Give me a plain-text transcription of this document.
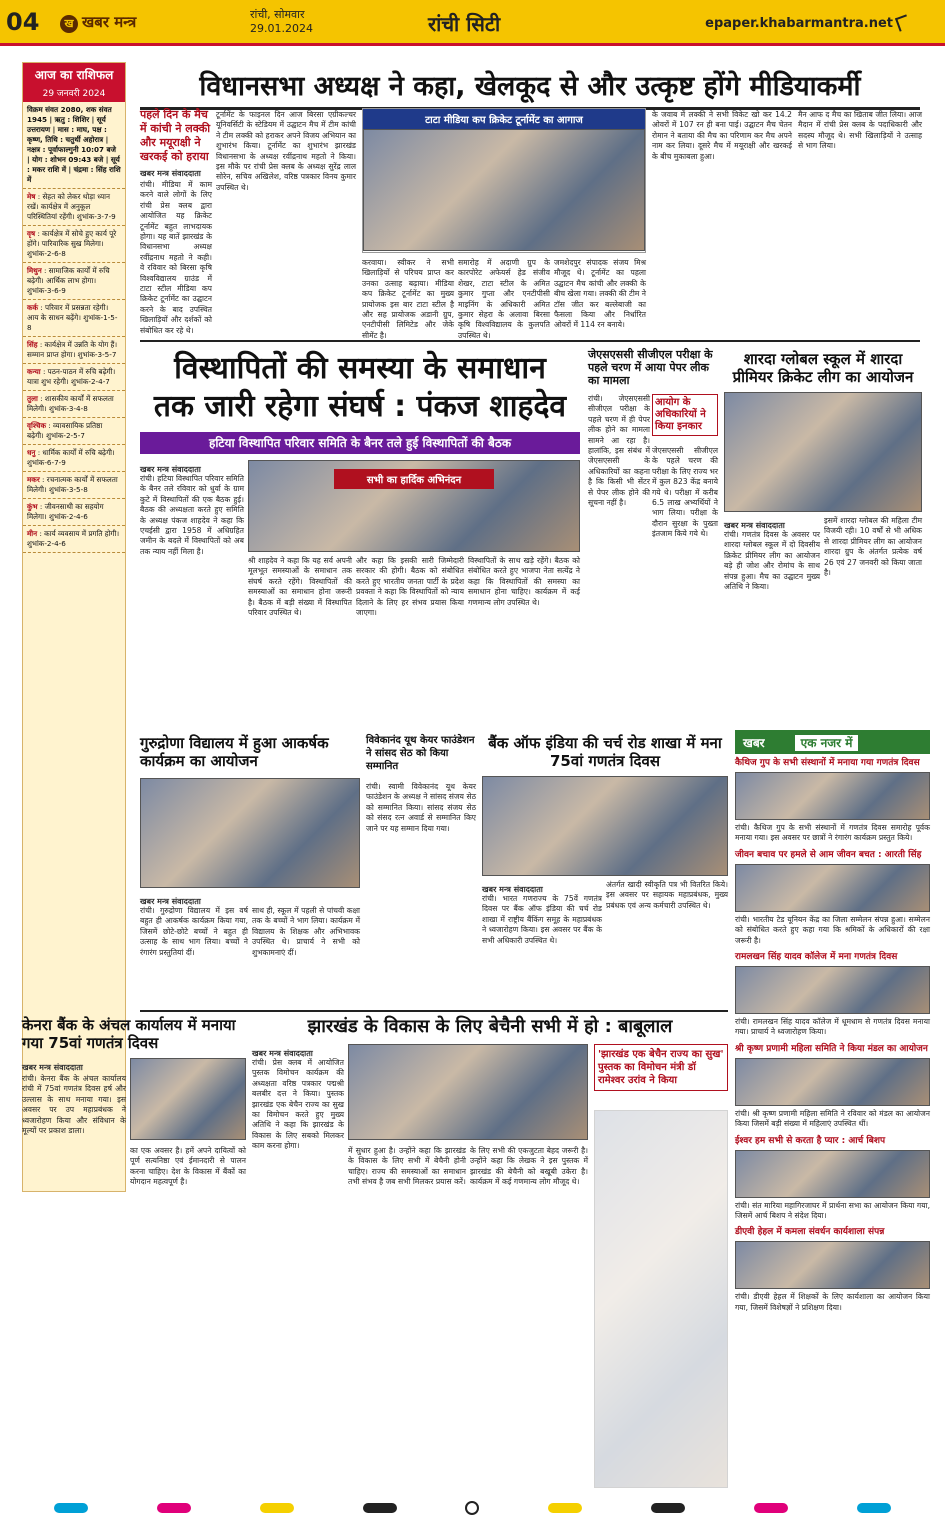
04	ख खबर मन्त्र	रांची, सोमवार
29.01.2024	रांची सिटी	epaper.khabarmantra.net
आज का राशिफल
29 जनवरी 2024
विक्रम संवत 2080, शक संवत 1945 | ऋतु : शिशिर | सूर्य उत्तरायण | मास : माघ, पक्ष : कृष्ण, तिथि : चतुर्थी अहोरात्र | नक्षत्र : पूर्वाफाल्गुनी 10:07 बजे | योग : शोभन 09:43 बजे | सूर्य : मकर राशि में | चंद्रमा : सिंह राशि में
मेष : सेहत को लेकर थोड़ा ध्यान रखें। कार्यक्षेत्र में अनुकूल परिस्थितियां रहेंगी। शुभांक-3-7-9
वृष : कार्यक्षेत्र में सोचे हुए कार्य पूरे होंगे। पारिवारिक सुख मिलेगा। शुभांक-2-6-8
मिथुन : सामाजिक कार्यों में रुचि बढ़ेगी। आर्थिक लाभ होगा। शुभांक-3-6-9
कर्क : परिवार में प्रसन्नता रहेगी। आय के साधन बढ़ेंगे। शुभांक-1-5-8
सिंह : कार्यक्षेत्र में उन्नति के योग हैं। सम्मान प्राप्त होगा। शुभांक-3-5-7
कन्या : पठन-पाठन में रुचि बढ़ेगी। यात्रा शुभ रहेगी। शुभांक-2-4-7
तुला : शासकीय कार्यों में सफलता मिलेगी। शुभांक-3-4-8
वृश्चिक : व्यावसायिक प्रतिष्ठा बढ़ेगी। शुभांक-2-5-7
धनु : धार्मिक कार्यों में रुचि बढ़ेगी। शुभांक-6-7-9
मकर : रचनात्मक कार्यों में सफलता मिलेगी। शुभांक-3-5-8
कुंभ : जीवनसाथी का सहयोग मिलेगा। शुभांक-2-4-6
मीन : कार्य व्यवसाय में प्रगति होगी। शुभांक-2-4-6
विधानसभा अध्यक्ष ने कहा, खेलकूद से और उत्कृष्ट होंगे मीडियाकर्मी
पहले दिन के मैच में कांची ने लक्की और मयूराक्षी ने खरकई को हराया
खबर मन्त्र संवाददाता
रांची। मीडिया में काम करने वाले लोगों के लिए रांची प्रेस क्लब द्वारा आयोजित यह क्रिकेट टूर्नामेंट बहुत लाभदायक होगा। यह बातें झारखंड के विधानसभा अध्यक्ष रवींद्रनाथ महतो ने कही। वे रविवार को बिरसा कृषि विश्वविद्यालय ग्राउंड में टाटा स्टील मीडिया कप क्रिकेट टूर्नामेंट का उद्घाटन करने के बाद उपस्थित खिलाड़ियों और दर्शकों को संबोधित कर रहे थे।
टूर्नामेंट के फाइनल दिन आज बिरसा एग्रीकल्चर यूनिवर्सिटी के स्टेडियम में उद्घाटन मैच में टीम कांची ने टीम लक्की को हराकर अपने विजय अभियान का शुभारंभ किया। टूर्नामेंट का शुभारंभ झारखंड विधानसभा के अध्यक्ष रवींद्रनाथ महतो ने किया। इस मौके पर रांची प्रेस क्लब के अध्यक्ष सुरेंद्र लाल सोरेन, सचिव अखिलेश, वरिष्ठ पत्रकार विनय कुमार उपस्थित थे।
टाटा मीडिया कप क्रिकेट टूर्नामेंट का आगाज
करवाया। स्वीकर ने सभी खिलाड़ियों से परिचय प्राप्त कर उनका उत्साह बढ़ाया। मीडिया कप क्रिकेट टूर्नामेंट का मुख्य प्रायोजक इस बार टाटा स्टील है और सह प्रायोजक अडानी ग्रुप, एनटीपीसी लिमिटेड और जेके सीमेंट है।
समारोह में अदाणी ग्रुप के कारपोरेट अफेयर्स हेड संजीव शेखर, टाटा स्टील के अमित कुमार गुप्ता और एनटीपीसी माइनिंग के अधिकारी अमित कुमार सेहरा के अलावा बिरसा कृषि विश्वविद्यालय के कुलपति उपस्थित थे।
जमशेदपुर संपादक संजय मिश्र मौजूद थे। टूर्नामेंट का पहला उद्घाटन मैच कांची और लक्की के बीच खेला गया। लक्की की टीम ने टॉस जीत कर बल्लेबाजी का फैसला किया और निर्धारित ओवरों में 114 रन बनाये।
के जवाब में लक्की ने सभी विकेट खो कर 14.2 ओवरों में 107 रन ही बना पाई। उद्घाटन मैच चेतन रोमान ने बताया की मैच का परिणाम कर मैच अपने नाम कर लिया। दूसरे मैच में मयूराक्षी और खरकई के बीच मुकाबला हुआ।
मैन आफ द मैच का खिताब जीत लिया। आज मैदान में रांची प्रेस क्लब के पदाधिकारी और सदस्य मौजूद थे। सभी खिलाड़ियों ने उत्साह से भाग लिया।
विस्थापितों की समस्या के समाधान
तक जारी रहेगा संघर्ष : पंकज शाहदेव
हटिया विस्थापित परिवार समिति के बैनर तले हुई विस्थापितों की बैठक
खबर मन्त्र संवाददाता
सभी का हार्दिक अभिनंदन
रांची। हटिया विस्थापित परिवार समिति के बैनर तले रविवार को धुर्वा के ग्राम कुटे में विस्थापितों की एक बैठक हुई। बैठक की अध्यक्षता करते हुए समिति के अध्यक्ष पंकज शाहदेव ने कहा कि एचईसी द्वारा 1958 में अधिग्रहित जमीन के बदले में विस्थापितों को अब तक न्याय नहीं मिला है।
श्री शाहदेव ने कहा कि यह सर्व अपनी मूलभूत समस्याओं के समाधान तक संघर्ष करते रहेंगे। विस्थापितों की समस्याओं का समाधान होना जरूरी है। बैठक में बड़ी संख्या में विस्थापित परिवार उपस्थित थे।
और कहा कि इसकी सारी जिम्मेदारी सरकार की होगी। बैठक को संबोधित करते हुए भारतीय जनता पार्टी के प्रदेश प्रवक्ता ने कहा कि विस्थापितों को न्याय दिलाने के लिए हर संभव प्रयास किया जाएगा।
विस्थापितों के साथ खड़े रहेंगे। बैठक को संबोधित करते हुए भाजपा नेता सत्येंद्र ने कहा कि विस्थापितों की समस्या का समाधान होना चाहिए। कार्यक्रम में कई गणमान्य लोग उपस्थित थे।
जेएसएससी सीजीएल परीक्षा के पहले चरण में आया पेपर लीक का मामला
रांची। जेएसएससी सीजीएल परीक्षा के पहले चरण में ही पेपर लीक होने का मामला सामने आ रहा है। हालांकि, इस संबंध में जेएसएससी के अधिकारियों का कहना है कि किसी भी सेंटर से पेपर लीक होने की सूचना नहीं है।
आयोग के अधिकारियों ने किया इनकार
जेएसएससी सीजीएल के पहले चरण की परीक्षा के लिए राज्य भर में कुल 823 केंद्र बनाये गये थे। परीक्षा में करीब 6.5 लाख अभ्यर्थियों ने भाग लिया। परीक्षा के दौरान सुरक्षा के पुख्ता इंतजाम किये गये थे।
शारदा ग्लोबल स्कूल में शारदा प्रीमियर क्रिकेट लीग का आयोजन
खबर मन्त्र संवाददाता
रांची। गणतंत्र दिवस के अवसर पर शारदा ग्लोबल स्कूल में दो दिवसीय क्रिकेट प्रीमियर लीग का आयोजन बड़े ही जोश और रोमांच के साथ संपन्न हुआ। मैच का उद्घाटन मुख्य अतिथि ने किया।
इसमें शारदा ग्लोबल की महिला टीम विजयी रही। 10 वर्षों से भी अधिक से शारदा प्रीमियर लीग का आयोजन शारदा ग्रुप के अंतर्गत प्रत्येक वर्ष 26 एवं 27 जनवरी को किया जाता है।
गुरुद्रोणा विद्यालय में हुआ आकर्षक कार्यक्रम का आयोजन
खबर मन्त्र संवाददाता
रांची। गुरुद्रोणा विद्यालय में इस वर्ष बहुत ही आकर्षक कार्यक्रम किया गया, जिसमें छोटे-छोटे बच्चों ने बहुत ही उत्साह के साथ भाग लिया। बच्चों ने रंगारंग प्रस्तुतियां दीं।
साथ ही, स्कूल में पहली से पांचवी कक्षा तक के बच्चों ने भाग लिया। कार्यक्रम में विद्यालय के शिक्षक और अभिभावक उपस्थित थे। प्राचार्य ने सभी को शुभकामनाएं दीं।
विवेकानंद यूथ केयर फाउंडेशन ने सांसद सेठ को किया सम्मानित
रांची। स्वामी विवेकानंद यूथ केयर फाउंडेशन के अध्यक्ष ने सांसद संजय सेठ को सम्मानित किया। सांसद संजय सेठ को संसद रत्न अवार्ड से सम्मानित किए जाने पर यह सम्मान दिया गया।
बैंक ऑफ इंडिया की चर्च रोड शाखा में मना 75वां गणतंत्र दिवस
खबर मन्त्र संवाददाता
रांची। भारत गणराज्य के 75वें गणतंत्र दिवस पर बैंक ऑफ इंडिया की चर्च रोड शाखा में राष्ट्रीय बैंकिंग समूह के महाप्रबंधक ने ध्वजारोहण किया। इस अवसर पर बैंक के सभी अधिकारी उपस्थित थे।
अंतर्गत खादी स्वीकृति पत्र भी वितरित किये। इस अवसर पर सहायक महाप्रबंधक, मुख्य प्रबंधक एवं अन्य कर्मचारी उपस्थित थे।
खबर	एक नजर में
कैथिज गुप के सभी संस्थानों में मनाया गया गणतंत्र दिवस
रांची। कैथिज गुप के सभी संस्थानों में गणतंत्र दिवस समारोह पूर्वक मनाया गया। इस अवसर पर छात्रों ने रंगारंग कार्यक्रम प्रस्तुत किये।
जीवन बचाव पर हमले से आम जीवन बचत : आरती सिंह
रांची। भारतीय टेड यूनियन केंद्र का जिला सम्मेलन संपन्न हुआ। सम्मेलन को संबोधित करते हुए कहा गया कि श्रमिकों के अधिकारों की रक्षा जरूरी है।
रामलखन सिंह यादव कॉलेज में मना गणतंत्र दिवस
रांची। रामलखन सिंह यादव कॉलेज में धूमधाम से गणतंत्र दिवस मनाया गया। प्राचार्य ने ध्वजारोहण किया।
श्री कृष्ण प्रणामी महिला समिति ने किया मंडल का आयोजन
रांची। श्री कृष्ण प्रणामी महिला समिति ने रविवार को मंडल का आयोजन किया जिसमें बड़ी संख्या में महिलाएं उपस्थित थीं।
ईश्वर हम सभी से करता है प्यार : आर्च बिशप
रांची। संत मारिया महागिरजाघर में प्रार्थना सभा का आयोजन किया गया, जिसमें आर्च बिशप ने संदेश दिया।
डीएवी हेहल में कमला संवर्धन कार्यशाला संपन्न
रांची। डीएवी हेहल में शिक्षकों के लिए कार्यशाला का आयोजन किया गया, जिसमें विशेषज्ञों ने प्रशिक्षण दिया।
केनरा बैंक के अंचल कार्यालय में मनाया गया 75वां गणतंत्र दिवस
खबर मन्त्र संवाददाता
रांची। केनरा बैंक के अंचल कार्यालय रांची में 75वां गणतंत्र दिवस हर्ष और उल्लास के साथ मनाया गया। इस अवसर पर उप महाप्रबंधक ने ध्वजारोहण किया और संविधान के मूल्यों पर प्रकाश डाला।
का एक अवसर है। हमें अपने दायित्वों को पूर्ण सत्यनिष्ठा एवं ईमानदारी से पालन करना चाहिए। देश के विकास में बैंकों का योगदान महत्वपूर्ण है।
झारखंड के विकास के लिए बेचैनी सभी में हो : बाबूलाल
खबर मन्त्र संवाददाता
रांची। प्रेस क्लब में आयोजित पुस्तक विमोचन कार्यक्रम की अध्यक्षता वरिष्ठ पत्रकार पद्मश्री बलबीर दत्त ने किया। पुस्तक झारखंड एक बेचैन राज्य का सुख का विमोचन करते हुए मुख्य अतिथि ने कहा कि झारखंड के विकास के लिए सबको मिलकर काम करना होगा।
में सुधार हुआ है। उन्होंने कहा कि झारखंड के विकास के लिए सभी में बेचैनी होनी चाहिए। राज्य की समस्याओं का समाधान तभी संभव है जब सभी मिलकर प्रयास करें।
के लिए सभी की एकजुटता बेहद जरूरी है। उन्होंने कहा कि लेखक ने इस पुस्तक में झारखंड की बेचैनी को बखूबी उकेरा है। कार्यक्रम में कई गणमान्य लोग मौजूद थे।
'झारखंड एक बेचैन राज्य का सुख' पुस्तक का विमोचन मंत्री डॉ रामेश्वर उरांव ने किया
